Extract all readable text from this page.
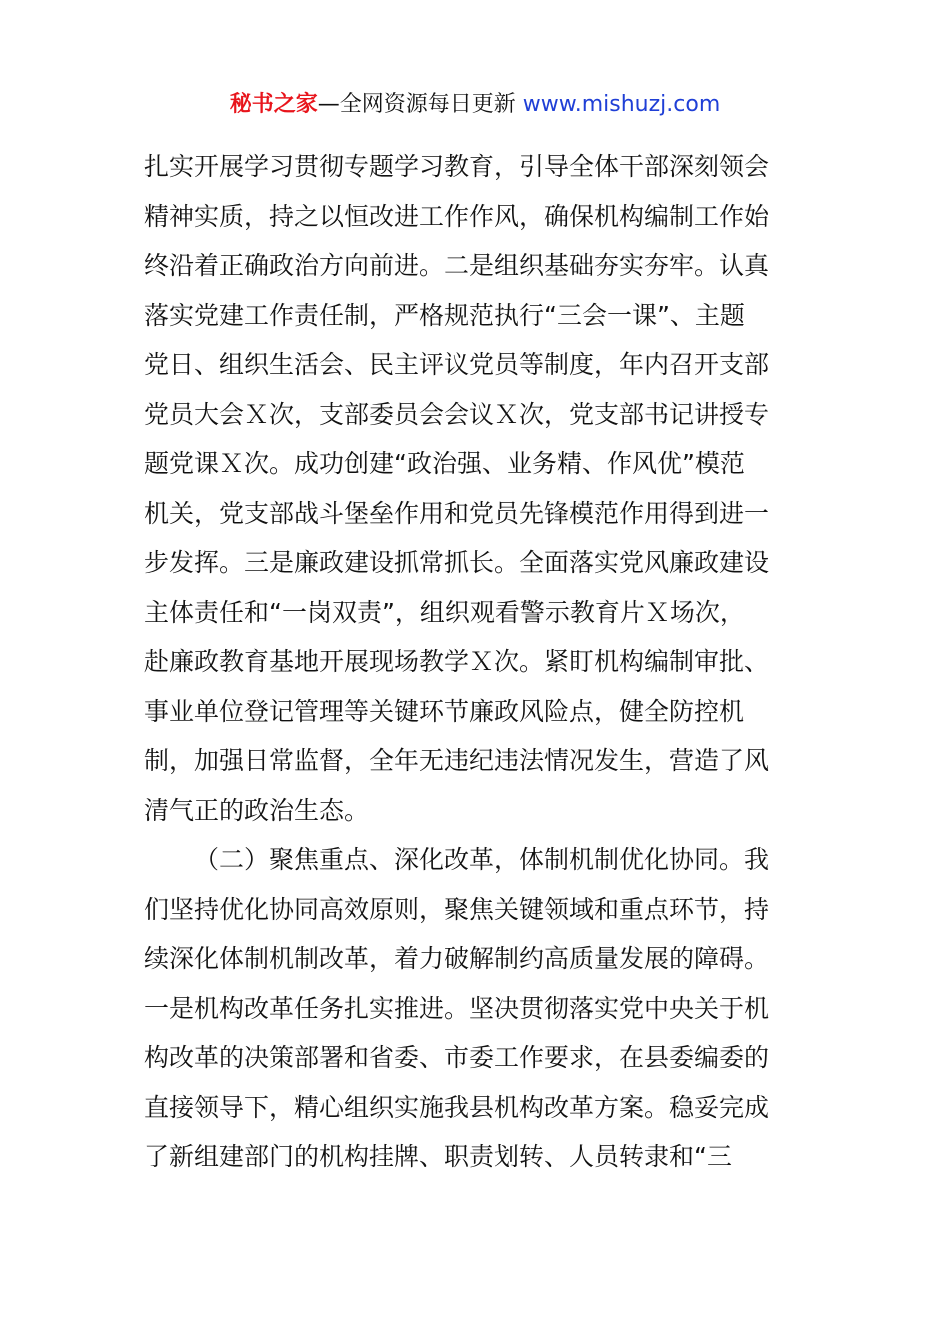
秘书之家—全网资源每日更新 www.mishuzj.com
扎实开展学习贯彻专题学习教育，引导全体干部深刻领会
精神实质，持之以恒改进工作作风，确保机构编制工作始
终沿着正确政治方向前进。二是组织基础夯实夯牢。认真
落实党建工作责任制，严格规范执行“三会一课”、主题
党日、组织生活会、民主评议党员等制度，年内召开支部
党员大会Ｘ次，支部委员会会议Ｘ次，党支部书记讲授专
题党课Ｘ次。成功创建“政治强、业务精、作风优”模范
机关，党支部战斗堡垒作用和党员先锋模范作用得到进一
步发挥。三是廉政建设抓常抓长。全面落实党风廉政建设
主体责任和“一岗双责”，组织观看警示教育片Ｘ场次，
赴廉政教育基地开展现场教学Ｘ次。紧盯机构编制审批、
事业单位登记管理等关键环节廉政风险点，健全防控机
制，加强日常监督，全年无违纪违法情况发生，营造了风
清气正的政治生态。
（二）聚焦重点、深化改革，体制机制优化协同。我
们坚持优化协同高效原则，聚焦关键领域和重点环节，持
续深化体制机制改革，着力破解制约高质量发展的障碍。
一是机构改革任务扎实推进。坚决贯彻落实党中央关于机
构改革的决策部署和省委、市委工作要求，在县委编委的
直接领导下，精心组织实施我县机构改革方案。稳妥完成
了新组建部门的机构挂牌、职责划转、人员转隶和“三
